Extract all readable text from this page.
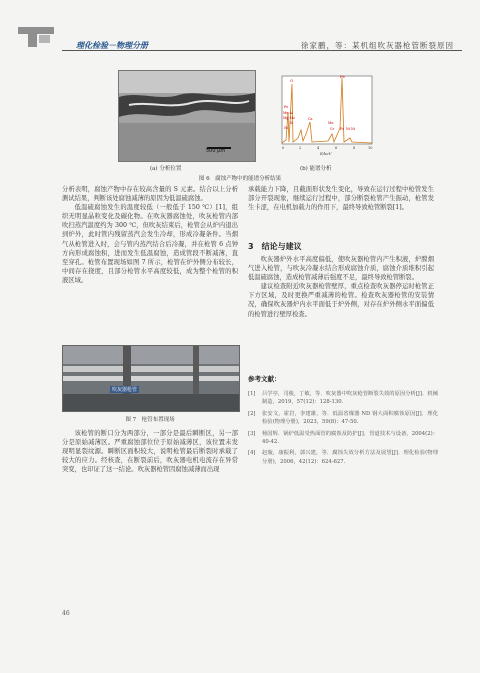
理化检验－物理分册	徐家鹏，等：某机组吹灰器枪管断裂原因
500 μm
(a) 分析位置
O
Fe
Fe
Mn Al
Mg Mo
Si
Ni
Ca
Mn
Cr Fe Ni Ni
0	2	4	6	8	10
E/keV
(b) 能谱分析
图 6　腐蚀产物中的能谱分析结果

分析表明，腐蚀产物中存在较高含量的 S 元素。结合以上分析测试结果，判断该处腐蚀减薄的原因为低温硫腐蚀。

低温硫腐蚀发生的温度较低（一般低于 150 ℃）[1]，组织无明显晶粒变化及碳化物。在吹灰器腐蚀处，吹灰枪管内部吹扫蒸汽温度约为 300 ℃，但吹灰结束后，枪管会从炉内退出到炉外，此时管内残留蒸汽会发生冷却，形成冷凝条件。当烟气从枪管进入时，会与管内蒸汽结合后冷凝，并在枪管 6 点钟方向形成腐蚀积，进而发生低温腐蚀，造成管段不断减薄，直至穿孔。枪管布置现场如图 7 所示，枪管在炉外侧分布较长，中间存在挠度，且部分枪管水平高度较低，成为整个枪管的积液区域。

吹灰器枪管
图 7　枪管布置现场

该枪管的断口分为两部分，一部分是最后瞬断区，另一部分是原始减薄区。严重腐蚀部位位于原始减薄区，该位置未发现明显裂纹源。瞬断区面积较大，说明枪管最后断裂时承载了较大的应力。经核查，在断裂前后，吹灰器电机电流存在异常突变，也印证了这一结论。吹灰器枪管因腐蚀减薄而出现

承载能力下降，且截面形状发生变化，导致在运行过程中枪管发生部分开裂现象，继续运行过程中，部分断裂枪管产生振动，枪管发生卡涩，在电机加载力的作用下，最终导致枪管断裂[1]。

3　结论与建议

吹灰器炉外水平高度偏低，使吹灰器枪管内产生积液，炉膛烟气进入枪管，与吹灰冷凝水结合形成腐蚀介质，腐蚀介质堆积引起低温硫腐蚀，造成枪管减薄后强度不足，最终导致枪管断裂。

建议检查附近吹灰器枪管壁厚，重点检查吹灰器停运时枪管正下方区域，及时更换严重减薄的枪管。检查吹灰器枪管的安装情况，确保吹灰器炉内水平面低于炉外侧，对存在炉外侧水平面偏低的枪管进行壁厚检查。

参考文献：
[1]	吕学亭，司俊，丁敏，等．吹灰器中吹灰枪管断裂失效的原因分析[J]．机械制造，2019，57(12)：128-130.
[2]	张安文，霍岩，李建雄，等．低温省煤器 ND 钢大面积腐蚀原因[J]．理化检验(物理分册)，2023，59(8)：47-50.
[3]	杨国辉．锅炉低温受热面管的腐蚀及防护[J]．管道技术与设备，2004(2)：40-42.
[4]	赵璇，康振利，郭兴建，等．腐蚀失效分析方法及展望[J]．理化检验(物理分册)，2006，42(12)：624-627.
46
